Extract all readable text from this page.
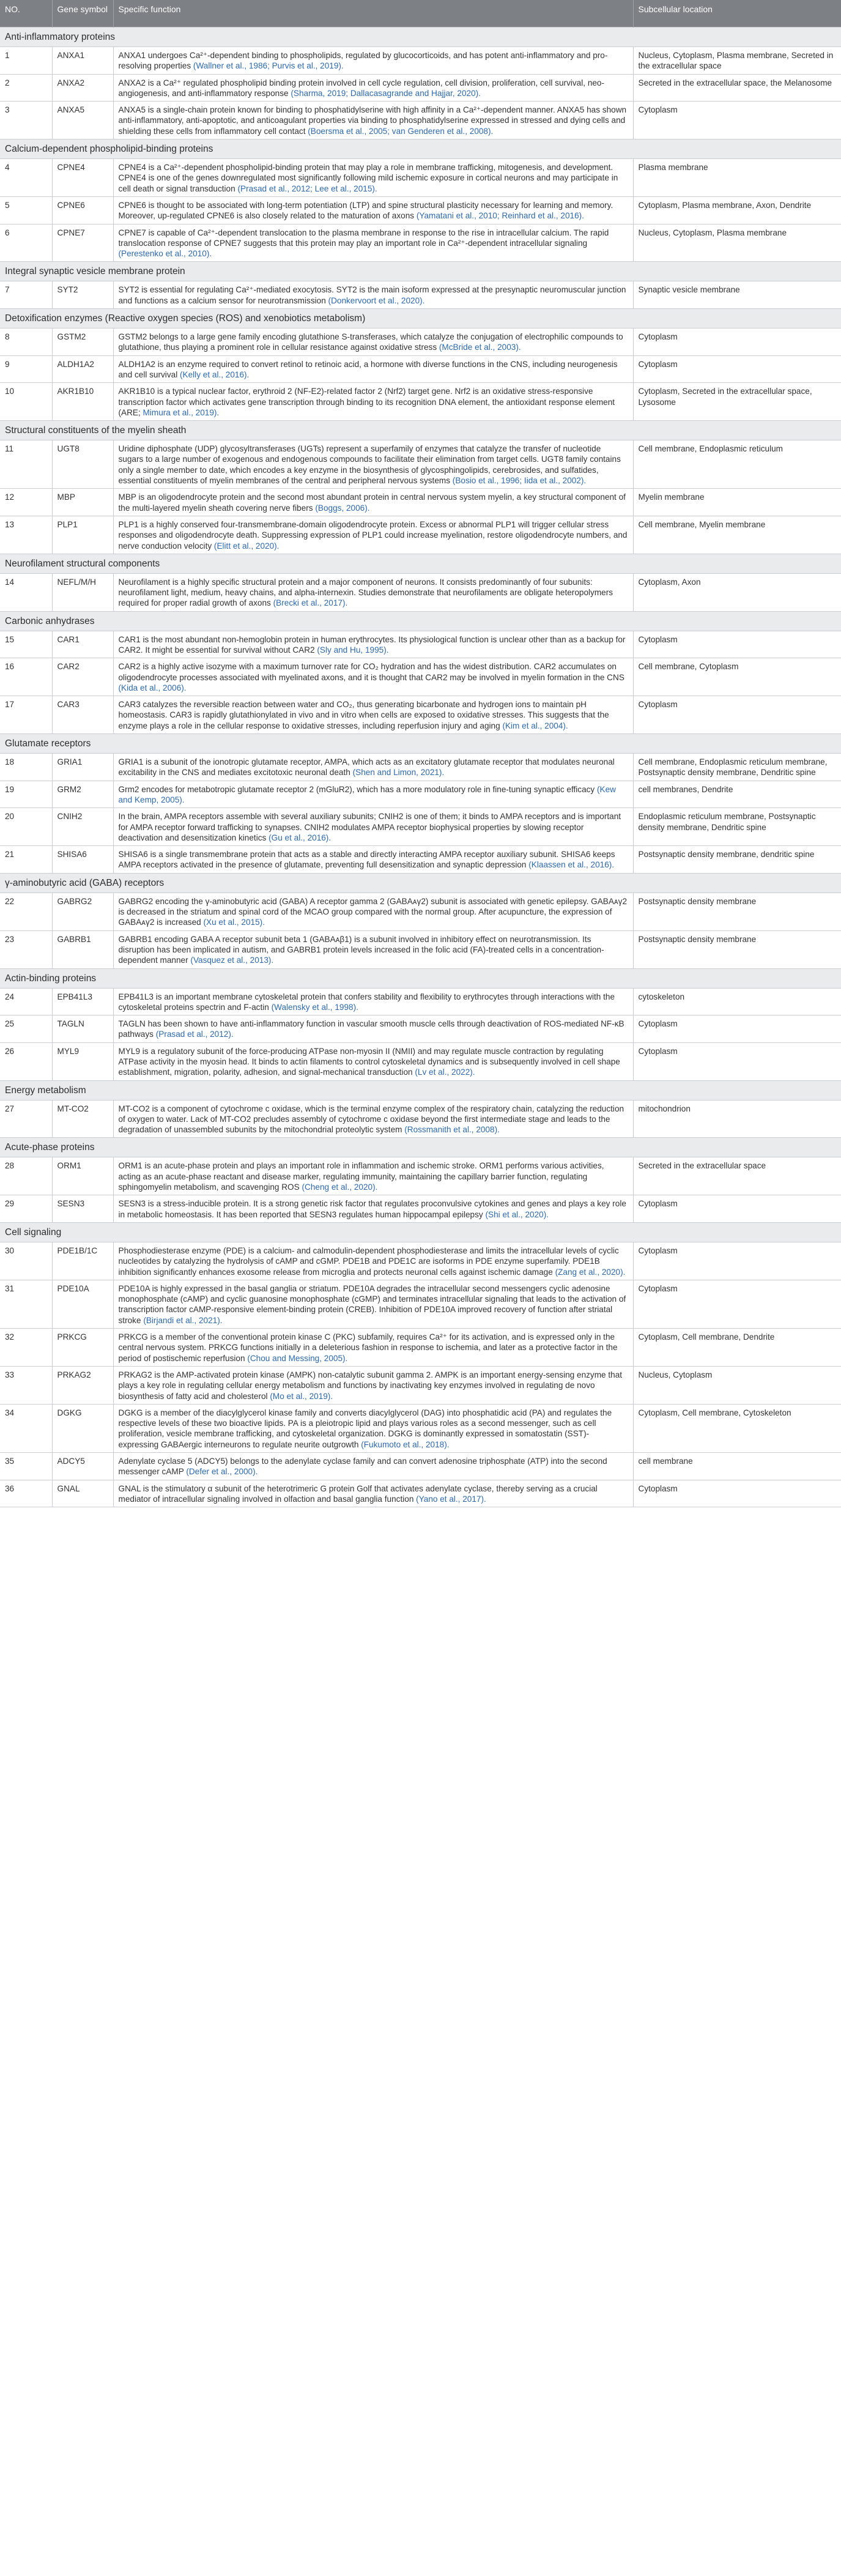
NO.	Gene symbol	Specific function	Subcellular location
Anti-inflammatory proteins			
1	ANXA1	ANXA1 undergoes Ca²⁺-dependent binding to phospholipids, regulated by glucocorticoids, and has potent anti-inflammatory and pro-resolving properties (Wallner et al., 1986; Purvis et al., 2019).	Nucleus, Cytoplasm, Plasma membrane, Secreted in the extracellular space
2	ANXA2	ANXA2 is a Ca²⁺ regulated phospholipid binding protein involved in cell cycle regulation, cell division, proliferation, cell survival, neo-angiogenesis, and anti-inflammatory response (Sharma, 2019; Dallacasagrande and Hajjar, 2020).	Secreted in the extracellular space, the Melanosome
3	ANXA5	ANXA5 is a single-chain protein known for binding to phosphatidylserine with high affinity in a Ca²⁺-dependent manner. ANXA5 has shown anti-inflammatory, anti-apoptotic, and anticoagulant properties via binding to phosphatidylserine expressed in stressed and dying cells and shielding these cells from inflammatory cell contact (Boersma et al., 2005; van Genderen et al., 2008).	Cytoplasm
Calcium-dependent phospholipid-binding proteins			
4	CPNE4	CPNE4 is a Ca²⁺-dependent phospholipid-binding protein that may play a role in membrane trafficking, mitogenesis, and development. CPNE4 is one of the genes downregulated most significantly following mild ischemic exposure in cortical neurons and may participate in cell death or signal transduction (Prasad et al., 2012; Lee et al., 2015).	Plasma membrane
5	CPNE6	CPNE6 is thought to be associated with long-term potentiation (LTP) and spine structural plasticity necessary for learning and memory. Moreover, up-regulated CPNE6 is also closely related to the maturation of axons (Yamatani et al., 2010; Reinhard et al., 2016).	Cytoplasm, Plasma membrane, Axon, Dendrite
6	CPNE7	CPNE7 is capable of Ca²⁺-dependent translocation to the plasma membrane in response to the rise in intracellular calcium. The rapid translocation response of CPNE7 suggests that this protein may play an important role in Ca²⁺-dependent intracellular signaling (Perestenko et al., 2010).	Nucleus, Cytoplasm, Plasma membrane
Integral synaptic vesicle membrane protein			
7	SYT2	SYT2 is essential for regulating Ca²⁺-mediated exocytosis. SYT2 is the main isoform expressed at the presynaptic neuromuscular junction and functions as a calcium sensor for neurotransmission (Donkervoort et al., 2020).	Synaptic vesicle membrane
Detoxification enzymes (Reactive oxygen species (ROS) and xenobiotics metabolism)			
8	GSTM2	GSTM2 belongs to a large gene family encoding glutathione S-transferases, which catalyze the conjugation of electrophilic compounds to glutathione, thus playing a prominent role in cellular resistance against oxidative stress (McBride et al., 2003).	Cytoplasm
9	ALDH1A2	ALDH1A2 is an enzyme required to convert retinol to retinoic acid, a hormone with diverse functions in the CNS, including neurogenesis and cell survival (Kelly et al., 2016).	Cytoplasm
10	AKR1B10	AKR1B10 is a typical nuclear factor, erythroid 2 (NF-E2)-related factor 2 (Nrf2) target gene. Nrf2 is an oxidative stress-responsive transcription factor which activates gene transcription through binding to its recognition DNA element, the antioxidant response element (ARE; Mimura et al., 2019).	Cytoplasm, Secreted in the extracellular space, Lysosome
Structural constituents of the myelin sheath			
11	UGT8	Uridine diphosphate (UDP) glycosyltransferases (UGTs) represent a superfamily of enzymes that catalyze the transfer of nucleotide sugars to a large number of exogenous and endogenous compounds to facilitate their elimination from target cells. UGT8 family contains only a single member to date, which encodes a key enzyme in the biosynthesis of glycosphingolipids, cerebrosides, and sulfatides, essential constituents of myelin membranes of the central and peripheral nervous systems (Bosio et al., 1996; Iida et al., 2002).	Cell membrane, Endoplasmic reticulum
12	MBP	MBP is an oligodendrocyte protein and the second most abundant protein in central nervous system myelin, a key structural component of the multi-layered myelin sheath covering nerve fibers (Boggs, 2006).	Myelin membrane
13	PLP1	PLP1 is a highly conserved four-transmembrane-domain oligodendrocyte protein. Excess or abnormal PLP1 will trigger cellular stress responses and oligodendrocyte death. Suppressing expression of PLP1 could increase myelination, restore oligodendrocyte numbers, and nerve conduction velocity (Elitt et al., 2020).	Cell membrane, Myelin membrane
Neurofilament structural components			
14	NEFL/M/H	Neurofilament is a highly specific structural protein and a major component of neurons. It consists predominantly of four subunits: neurofilament light, medium, heavy chains, and alpha-internexin. Studies demonstrate that neurofilaments are obligate heteropolymers required for proper radial growth of axons (Brecki et al., 2017).	Cytoplasm, Axon
Carbonic anhydrases			
15	CAR1	CAR1 is the most abundant non-hemoglobin protein in human erythrocytes. Its physiological function is unclear other than as a backup for CAR2. It might be essential for survival without CAR2 (Sly and Hu, 1995).	Cytoplasm
16	CAR2	CAR2 is a highly active isozyme with a maximum turnover rate for CO₂ hydration and has the widest distribution. CAR2 accumulates on oligodendrocyte processes associated with myelinated axons, and it is thought that CAR2 may be involved in myelin formation in the CNS (Kida et al., 2006).	Cell membrane, Cytoplasm
17	CAR3	CAR3 catalyzes the reversible reaction between water and CO₂, thus generating bicarbonate and hydrogen ions to maintain pH homeostasis. CAR3 is rapidly glutathionylated in vivo and in vitro when cells are exposed to oxidative stresses. This suggests that the enzyme plays a role in the cellular response to oxidative stresses, including reperfusion injury and aging (Kim et al., 2004).	Cytoplasm
Glutamate receptors			
18	GRIA1	GRIA1 is a subunit of the ionotropic glutamate receptor, AMPA, which acts as an excitatory glutamate receptor that modulates neuronal excitability in the CNS and mediates excitotoxic neuronal death (Shen and Limon, 2021).	Cell membrane, Endoplasmic reticulum membrane, Postsynaptic density membrane, Dendritic spine
19	GRM2	Grm2 encodes for metabotropic glutamate receptor 2 (mGluR2), which has a more modulatory role in fine-tuning synaptic efficacy (Kew and Kemp, 2005).	cell membranes, Dendrite
20	CNIH2	In the brain, AMPA receptors assemble with several auxiliary subunits; CNIH2 is one of them; it binds to AMPA receptors and is important for AMPA receptor forward trafficking to synapses. CNIH2 modulates AMPA receptor biophysical properties by slowing receptor deactivation and desensitization kinetics (Gu et al., 2016).	Endoplasmic reticulum membrane, Postsynaptic density membrane, Dendritic spine
21	SHISA6	SHISA6 is a single transmembrane protein that acts as a stable and directly interacting AMPA receptor auxiliary subunit. SHISA6 keeps AMPA receptors activated in the presence of glutamate, preventing full desensitization and synaptic depression (Klaassen et al., 2016).	Postsynaptic density membrane, dendritic spine
γ-aminobutyric acid (GABA) receptors			
22	GABRG2	GABRG2 encoding the γ-aminobutyric acid (GABA) A receptor gamma 2 (GABAᴀγ2) subunit is associated with genetic epilepsy. GABAᴀγ2 is decreased in the striatum and spinal cord of the MCAO group compared with the normal group. After acupuncture, the expression of GABAᴀγ2 is increased (Xu et al., 2015).	Postsynaptic density membrane
23	GABRB1	GABRB1 encoding GABA A receptor subunit beta 1 (GABAᴀβ1) is a subunit involved in inhibitory effect on neurotransmission. Its disruption has been implicated in autism, and GABRB1 protein levels increased in the folic acid (FA)-treated cells in a concentration-dependent manner (Vasquez et al., 2013).	Postsynaptic density membrane
Actin-binding proteins			
24	EPB41L3	EPB41L3 is an important membrane cytoskeletal protein that confers stability and flexibility to erythrocytes through interactions with the cytoskeletal proteins spectrin and F-actin (Walensky et al., 1998).	cytoskeleton
25	TAGLN	TAGLN has been shown to have anti-inflammatory function in vascular smooth muscle cells through deactivation of ROS-mediated NF-κB pathways (Prasad et al., 2012).	Cytoplasm
26	MYL9	MYL9 is a regulatory subunit of the force-producing ATPase non-myosin II (NMII) and may regulate muscle contraction by regulating ATPase activity in the myosin head. It binds to actin filaments to control cytoskeletal dynamics and is subsequently involved in cell shape establishment, migration, polarity, adhesion, and signal-mechanical transduction (Lv et al., 2022).	Cytoplasm
Energy metabolism			
27	MT-CO2	MT-CO2 is a component of cytochrome c oxidase, which is the terminal enzyme complex of the respiratory chain, catalyzing the reduction of oxygen to water. Lack of MT-CO2 precludes assembly of cytochrome c oxidase beyond the first intermediate stage and leads to the degradation of unassembled subunits by the mitochondrial proteolytic system (Rossmanith et al., 2008).	mitochondrion
Acute-phase proteins			
28	ORM1	ORM1 is an acute-phase protein and plays an important role in inflammation and ischemic stroke. ORM1 performs various activities, acting as an acute-phase reactant and disease marker, regulating immunity, maintaining the capillary barrier function, regulating sphingomyelin metabolism, and scavenging ROS (Cheng et al., 2020).	Secreted in the extracellular space
29	SESN3	SESN3 is a stress-inducible protein. It is a strong genetic risk factor that regulates proconvulsive cytokines and genes and plays a key role in metabolic homeostasis. It has been reported that SESN3 regulates human hippocampal epilepsy (Shi et al., 2020).	Cytoplasm
Cell signaling			
30	PDE1B/1C	Phosphodiesterase enzyme (PDE) is a calcium- and calmodulin-dependent phosphodiesterase and limits the intracellular levels of cyclic nucleotides by catalyzing the hydrolysis of cAMP and cGMP. PDE1B and PDE1C are isoforms in PDE enzyme superfamily. PDE1B inhibition significantly enhances exosome release from microglia and protects neuronal cells against ischemic damage (Zang et al., 2020).	Cytoplasm
31	PDE10A	PDE10A is highly expressed in the basal ganglia or striatum. PDE10A degrades the intracellular second messengers cyclic adenosine monophosphate (cAMP) and cyclic guanosine monophosphate (cGMP) and terminates intracellular signaling that leads to the activation of transcription factor cAMP-responsive element-binding protein (CREB). Inhibition of PDE10A improved recovery of function after striatal stroke (Birjandi et al., 2021).	Cytoplasm
32	PRKCG	PRKCG is a member of the conventional protein kinase C (PKC) subfamily, requires Ca²⁺ for its activation, and is expressed only in the central nervous system. PRKCG functions initially in a deleterious fashion in response to ischemia, and later as a protective factor in the period of postischemic reperfusion (Chou and Messing, 2005).	Cytoplasm, Cell membrane, Dendrite
33	PRKAG2	PRKAG2 is the AMP-activated protein kinase (AMPK) non-catalytic subunit gamma 2. AMPK is an important energy-sensing enzyme that plays a key role in regulating cellular energy metabolism and functions by inactivating key enzymes involved in regulating de novo biosynthesis of fatty acid and cholesterol (Mo et al., 2019).	Nucleus, Cytoplasm
34	DGKG	DGKG is a member of the diacylglycerol kinase family and converts diacylglycerol (DAG) into phosphatidic acid (PA) and regulates the respective levels of these two bioactive lipids. PA is a pleiotropic lipid and plays various roles as a second messenger, such as cell proliferation, vesicle membrane trafficking, and cytoskeletal organization. DGKG is dominantly expressed in somatostatin (SST)-expressing GABAergic interneurons to regulate neurite outgrowth (Fukumoto et al., 2018).	Cytoplasm, Cell membrane, Cytoskeleton
35	ADCY5	Adenylate cyclase 5 (ADCY5) belongs to the adenylate cyclase family and can convert adenosine triphosphate (ATP) into the second messenger cAMP (Defer et al., 2000).	cell membrane
36	GNAL	GNAL is the stimulatory α subunit of the heterotrimeric G protein Golf that activates adenylate cyclase, thereby serving as a crucial mediator of intracellular signaling involved in olfaction and basal ganglia function (Yano et al., 2017).	Cytoplasm
